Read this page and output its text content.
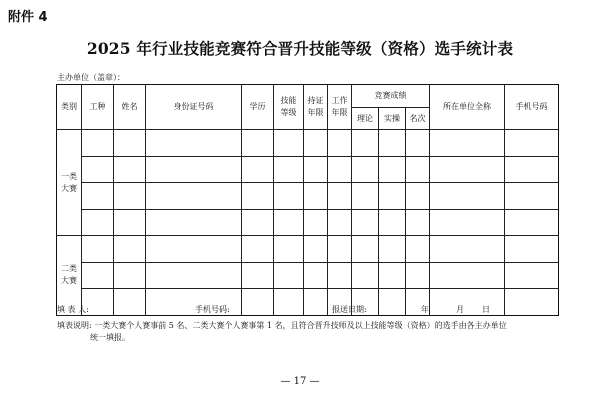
附件 4
2025 年行业技能竞赛符合晋升技能等级（资格）选手统计表
主办单位（盖章）：
类别	工种	姓名	身份证号码	学历	技能等级	持证年限	工作年限	竞赛成绩			所在单位全称	手机号码
								理论	实操	名次		
一类大赛												

二类大赛												

填 表 人:	手机号码:	报送日期:	年	月 日
填表说明: 一类大赛个人赛事前 5 名、二类大赛个人赛事第 1 名，且符合晋升技师及以上技能等级（资格）的选手由各主办单位
统一填报。
— 17 —
